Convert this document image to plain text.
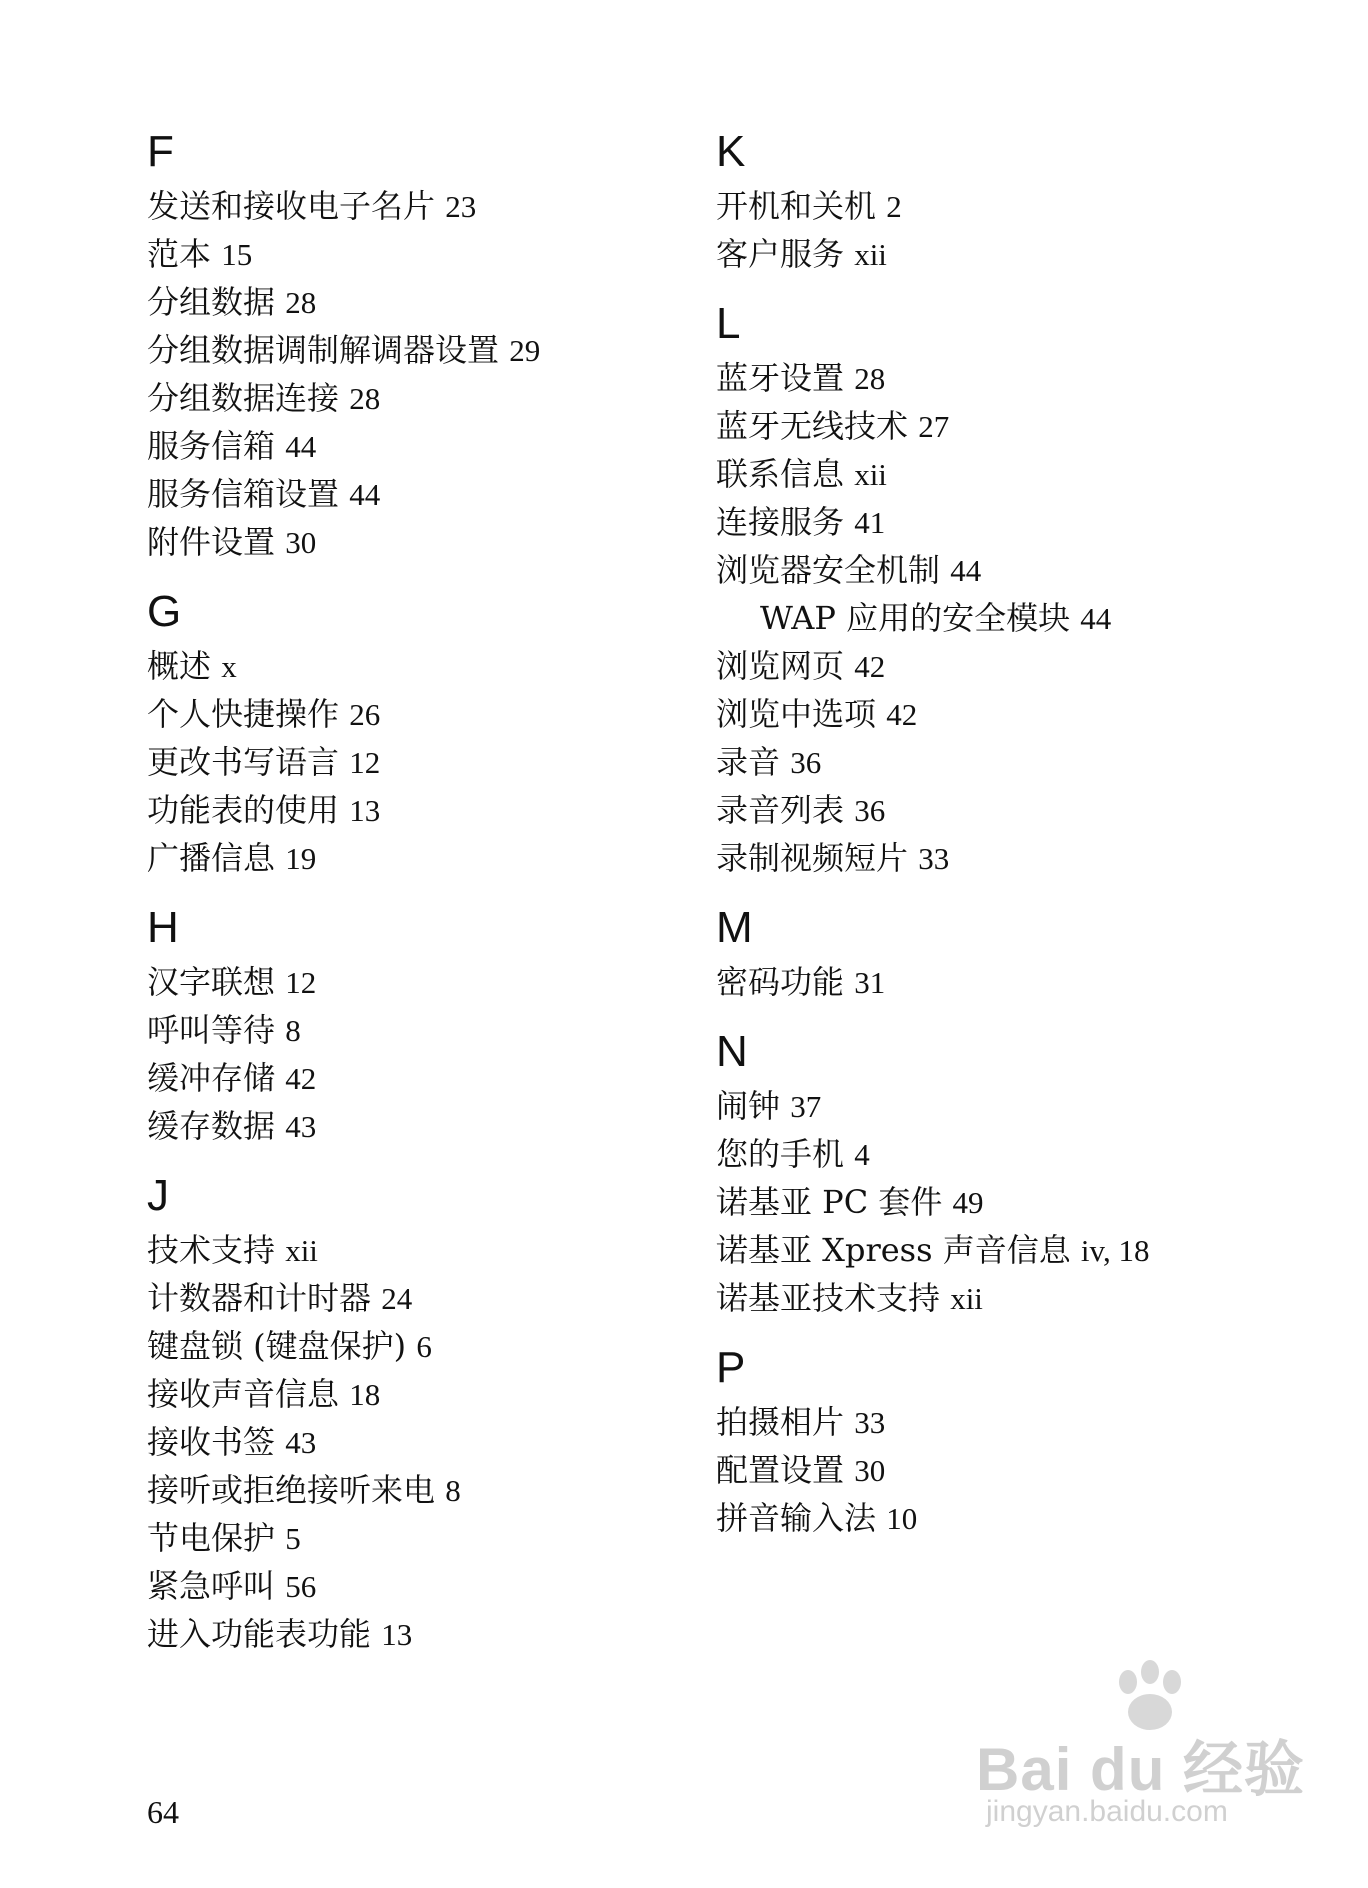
F
发送和接收电子名片 23
范本 15
分组数据 28
分组数据调制解调器设置 29
分组数据连接 28
服务信箱 44
服务信箱设置 44
附件设置 30
G
概述 x
个人快捷操作 26
更改书写语言 12
功能表的使用 13
广播信息 19
H
汉字联想 12
呼叫等待 8
缓冲存储 42
缓存数据 43
J
技术支持 xii
计数器和计时器 24
键盘锁 (键盘保护) 6
接收声音信息 18
接收书签 43
接听或拒绝接听来电 8
节电保护 5
紧急呼叫 56
进入功能表功能 13
K
开机和关机 2
客户服务 xii
L
蓝牙设置 28
蓝牙无线技术 27
联系信息 xii
连接服务 41
浏览器安全机制 44
WAP 应用的安全模块 44
浏览网页 42
浏览中选项 42
录音 36
录音列表 36
录制视频短片 33
M
密码功能 31
N
闹钟 37
您的手机 4
诺基亚 PC 套件 49
诺基亚 Xpress 声音信息 iv, 18
诺基亚技术支持 xii
P
拍摄相片 33
配置设置 30
拼音输入法 10
64
Bai du 经验
jingyan.baidu.com
